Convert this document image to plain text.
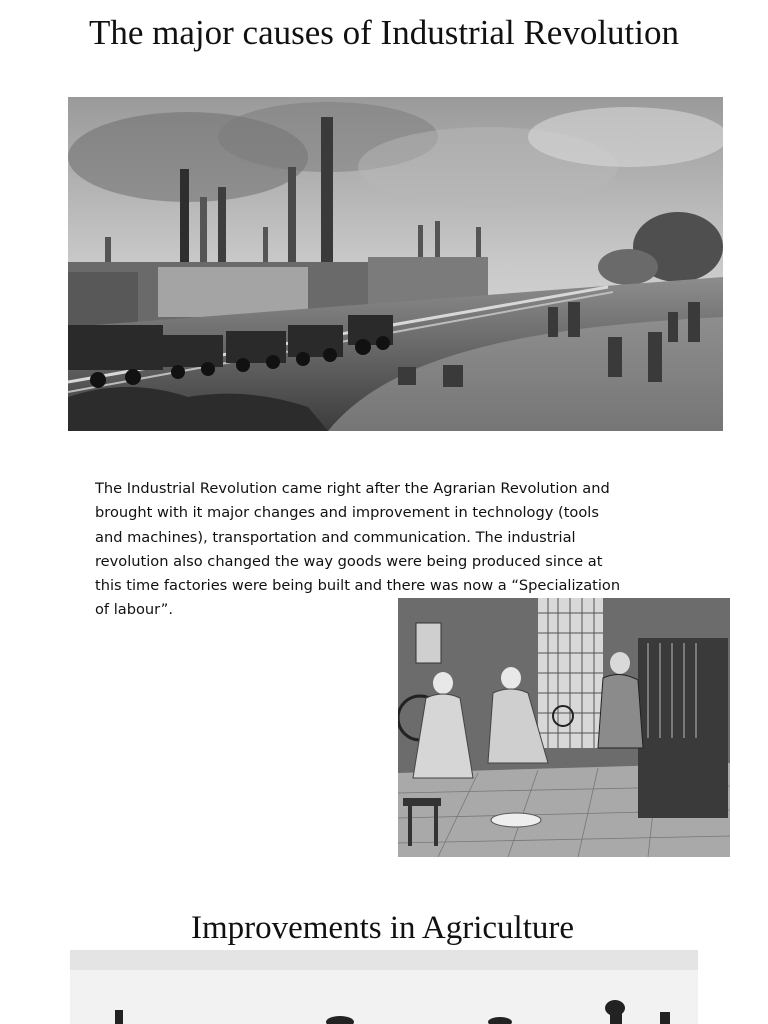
The major causes of Industrial Revolution

The Industrial Revolution came right after the Agrarian Revolution and brought with it major changes and improvement in technology (tools and machines), transportation and communication. The industrial revolution also changed the way goods were being produced since at this time factories were being built and there was now a “Specialization of labour”.

Improvements in Agriculture
